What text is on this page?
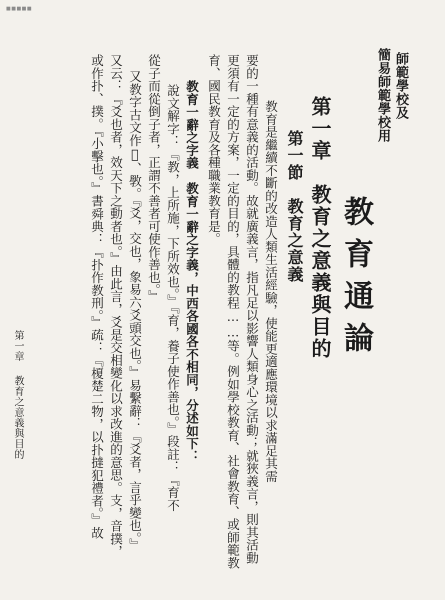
■■■■■
師範學校及
簡易師範學校用
教育通論
第一章　教育之意義與目的
第一節　教育之意義
教育是繼續不斷的改造人類生活經驗，使能更適應環境以求滿足其需
要的一種有意義的活動。故就廣義言，指凡足以影響人類身心之活動；就狹義言，則其活動
更須有一定的方案，一定的目的，具體的教程……等。例如學校教育、社會教育、或師範教
育、國民教育及各種職業教育是。
教育一辭之字義　教育一辭之字義，中西各國各不相同，分述如下：
說文解字：『教，上所施，下所效也。』『育，養子使作善也。』段註：『育不
從子而從倒子者，正謂不善者可使作善也。』
又教字古文作𢼂、斆。『爻，交也，象易六爻頭交也。』易繫辭：『爻者，言乎變也。』
又云：『爻也者，效天下之動者也。』由此言，爻是交相變化以求改進的意思。支，音撲，
或作扑、撲。『小擊也。』書舜典：『扑作教刑。』疏：『榎楚二物，以扑撻犯禮者。』故
第一章教育之意義與目的
